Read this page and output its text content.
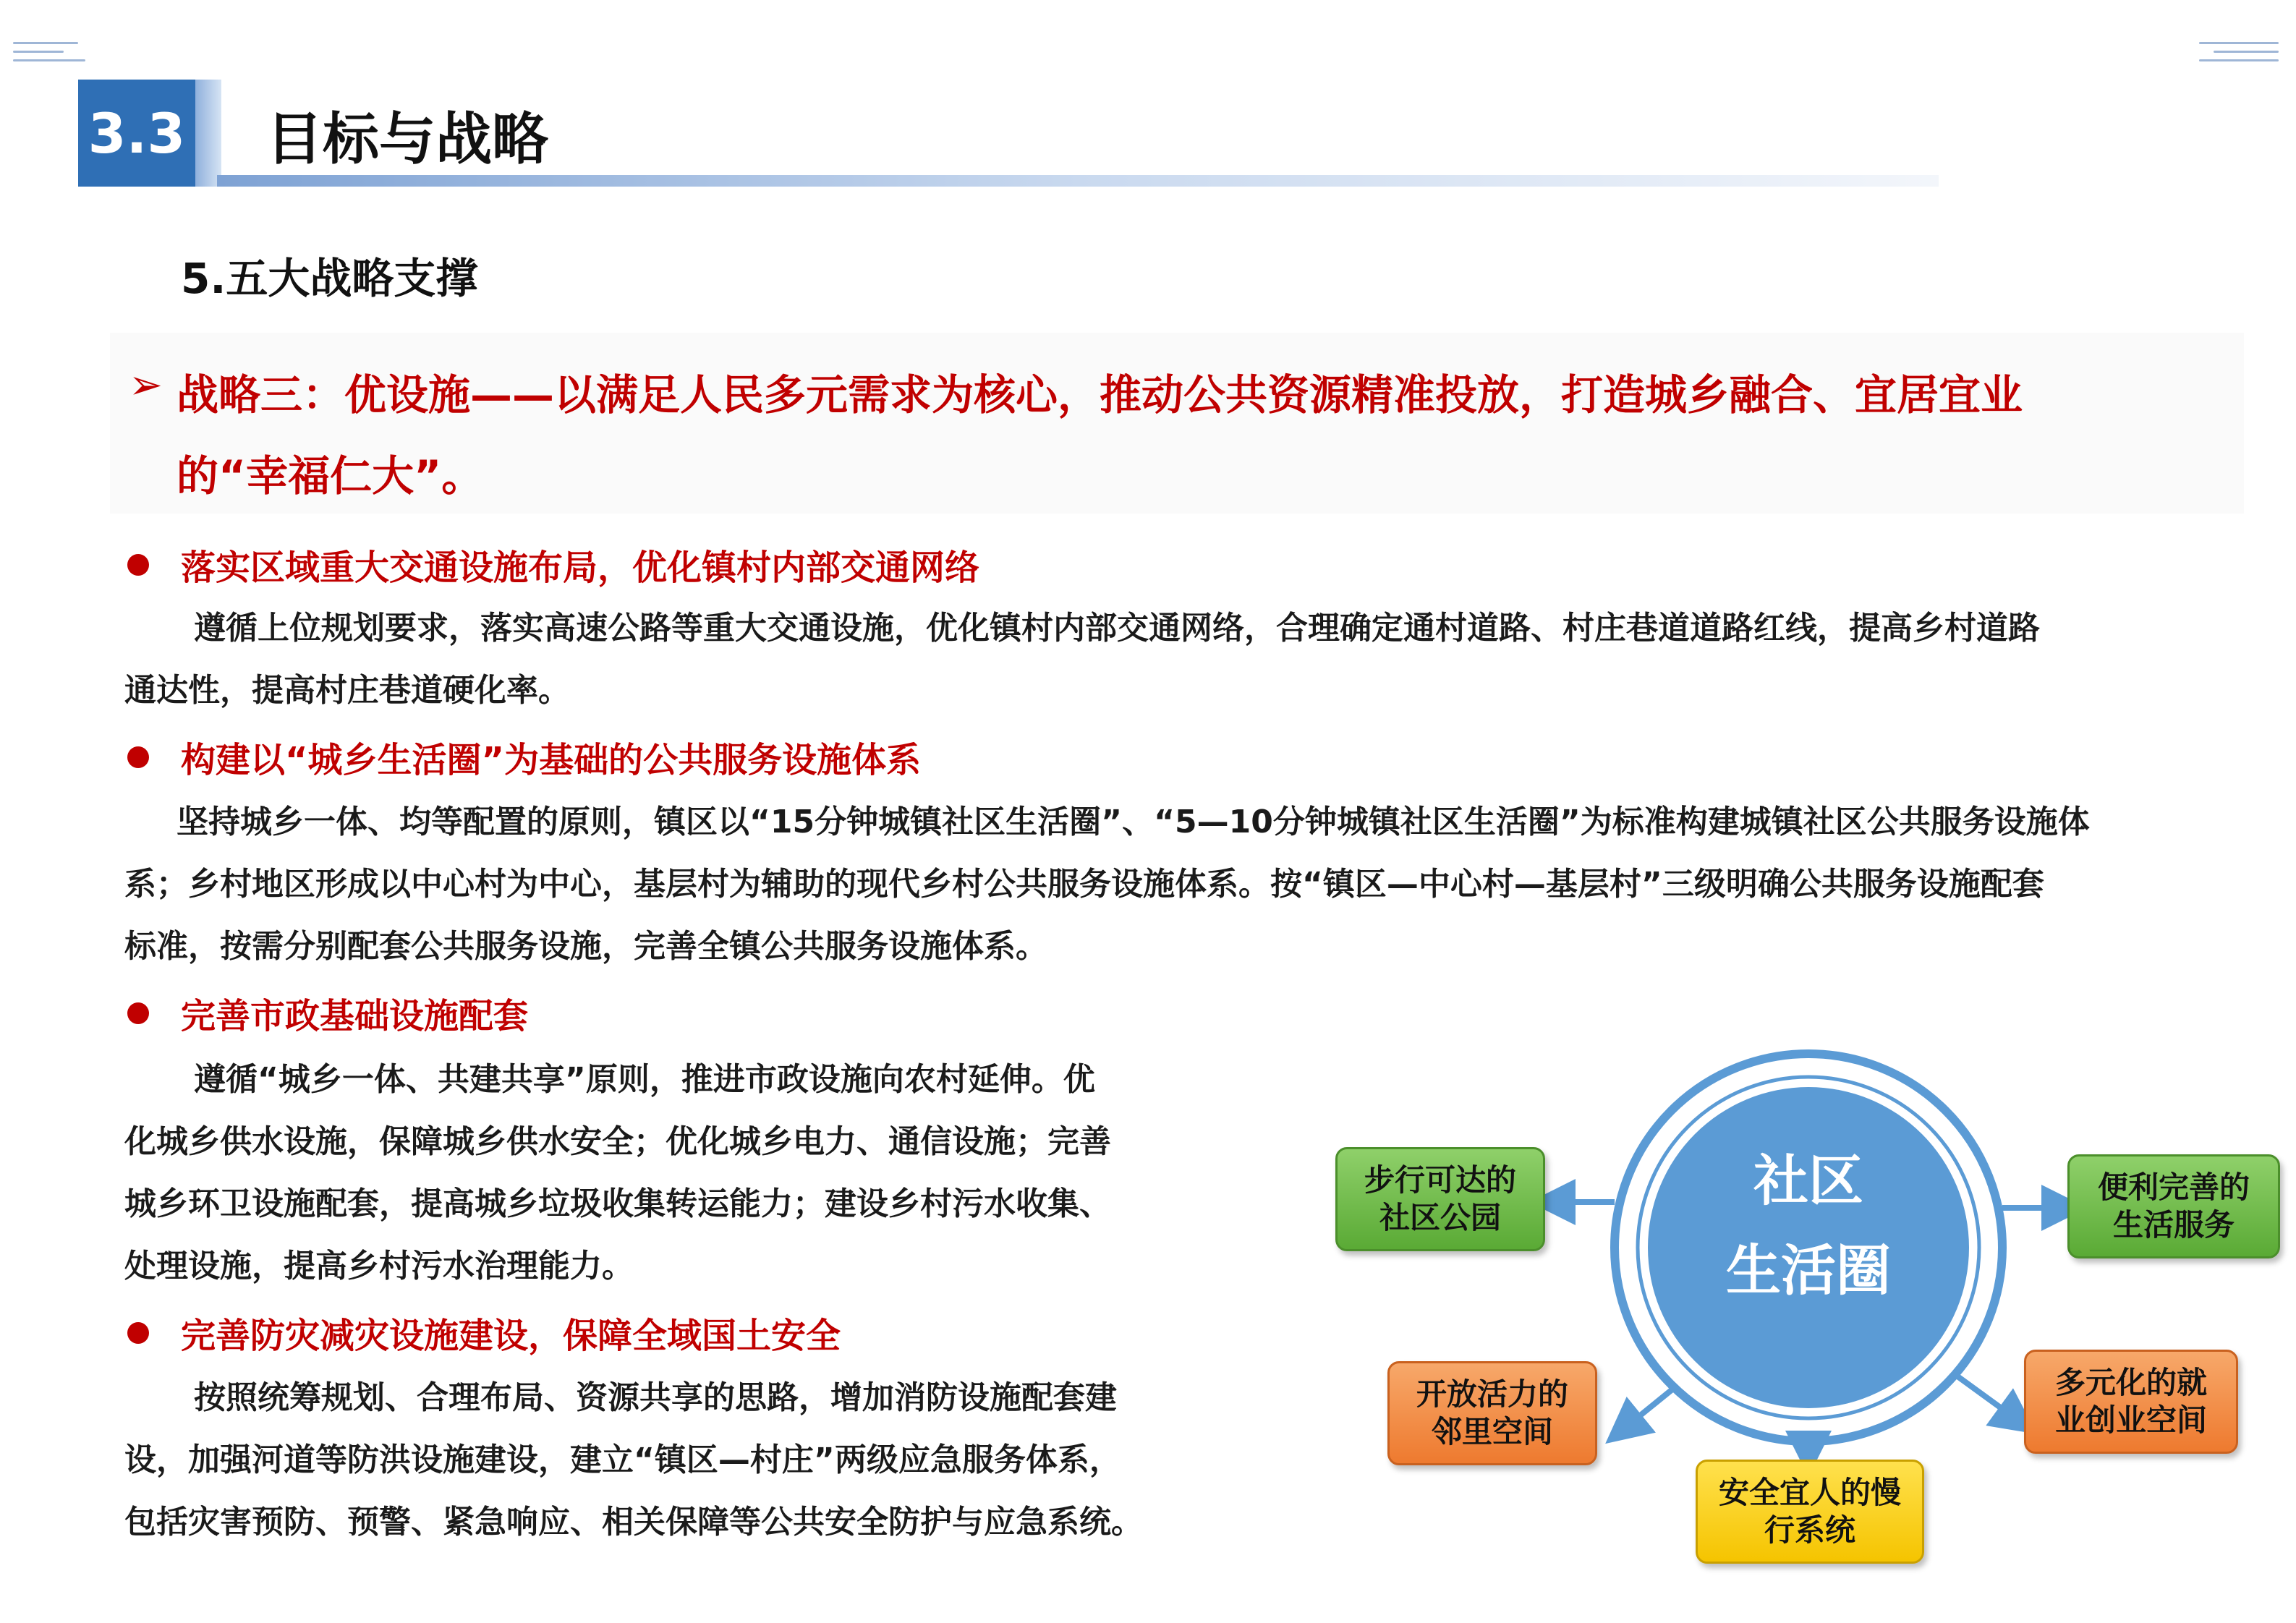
3.3 目标与战略
5.五大战略支撑
➢ 战略三：优设施——以满足人民多元需求为核心，推动公共资源精准投放，打造城乡融合、宜居宜业
的“幸福仁大”。
落实区域重大交通设施布局，优化镇村内部交通网络
遵循上位规划要求，落实高速公路等重大交通设施，优化镇村内部交通网络，合理确定通村道路、村庄巷道道路红线，提高乡村道路
通达性，提高村庄巷道硬化率。
构建以“城乡生活圈”为基础的公共服务设施体系
坚持城乡一体、均等配置的原则，镇区以“15分钟城镇社区生活圈”、“5—10分钟城镇社区生活圈”为标准构建城镇社区公共服务设施体
系；乡村地区形成以中心村为中心，基层村为辅助的现代乡村公共服务设施体系。按“镇区—中心村—基层村”三级明确公共服务设施配套
标准，按需分别配套公共服务设施，完善全镇公共服务设施体系。
完善市政基础设施配套
遵循“城乡一体、共建共享”原则，推进市政设施向农村延伸。优
化城乡供水设施，保障城乡供水安全；优化城乡电力、通信设施；完善
城乡环卫设施配套，提高城乡垃圾收集转运能力；建设乡村污水收集、
处理设施，提高乡村污水治理能力。
完善防灾减灾设施建设，保障全域国土安全
按照统筹规划、合理布局、资源共享的思路，增加消防设施配套建
设，加强河道等防洪设施建设，建立“镇区—村庄”两级应急服务体系，
包括灾害预防、预警、紧急响应、相关保障等公共安全防护与应急系统。
社区
生活圈
步行可达的
社区公园
便利完善的
生活服务
开放活力的
邻里空间
多元化的就
业创业空间
安全宜人的慢
行系统
